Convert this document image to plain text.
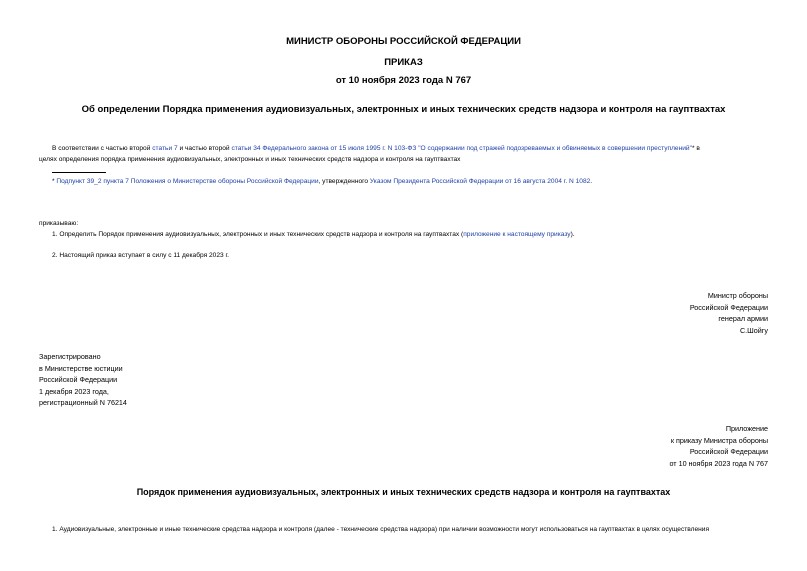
МИНИСТР ОБОРОНЫ РОССИЙСКОЙ ФЕДЕРАЦИИ
ПРИКАЗ
от 10 ноября 2023 года N 767
Об определении Порядка применения аудиовизуальных, электронных и иных технических средств надзора и контроля на гауптвахтах
В соответствии с частью второй статьи 7 и частью второй статьи 34 Федерального закона от 15 июля 1995 г. N 103-ФЗ "О содержании под стражей подозреваемых и обвиняемых в совершении преступлений"* в
целях определения порядка применения аудиовизуальных, электронных и иных технических средств надзора и контроля на гауптвахтах
* Подпункт 39_2 пункта 7 Положения о Министерстве обороны Российской Федерации, утвержденного Указом Президента Российской Федерации от 16 августа 2004 г. N 1082.
приказываю:
1. Определить Порядок применения аудиовизуальных, электронных и иных технических средств надзора и контроля на гауптвахтах (приложение к настоящему приказу).
2. Настоящий приказ вступает в силу с 11 декабря 2023 г.
Министр обороны
Российской Федерации
генерал армии
С.Шойгу
Зарегистрировано
в Министерстве юстиции
Российской Федерации
1 декабря 2023 года,
регистрационный N 76214
Приложение
к приказу Министра обороны
Российской Федерации
от 10 ноября 2023 года N 767
Порядок применения аудиовизуальных, электронных и иных технических средств надзора и контроля на гауптвахтах
1. Аудиовизуальные, электронные и иные технические средства надзора и контроля (далее - технические средства надзора) при наличии возможности могут использоваться на гауптвахтах в целях осуществления
